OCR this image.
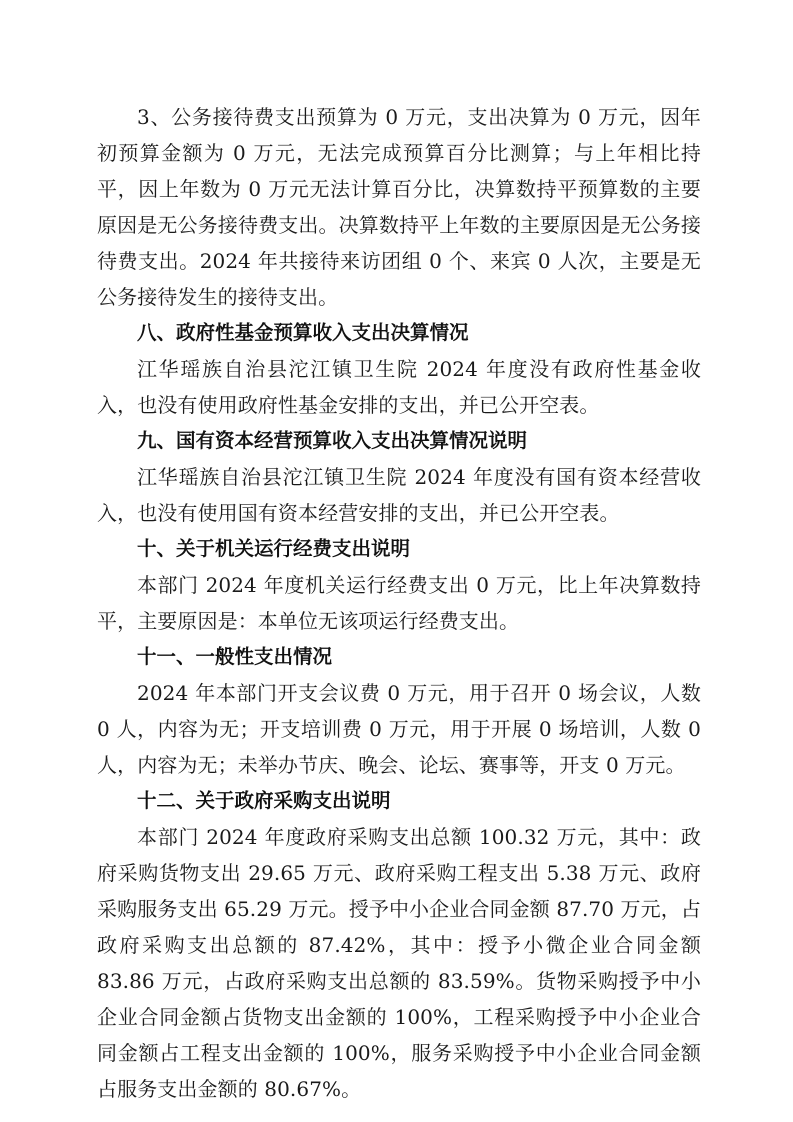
3、公务接待费支出预算为 0 万元，支出决算为 0 万元，因年初预算金额为 0 万元，无法完成预算百分比测算；与上年相比持平，因上年数为 0 万元无法计算百分比，决算数持平预算数的主要原因是无公务接待费支出。决算数持平上年数的主要原因是无公务接待费支出。2024 年共接待来访团组 0 个、来宾 0 人次，主要是无公务接待发生的接待支出。

八、政府性基金预算收入支出决算情况

江华瑶族自治县沱江镇卫生院 2024 年度没有政府性基金收入，也没有使用政府性基金安排的支出，并已公开空表。

九、国有资本经营预算收入支出决算情况说明

江华瑶族自治县沱江镇卫生院 2024 年度没有国有资本经营收入，也没有使用国有资本经营安排的支出，并已公开空表。

十、关于机关运行经费支出说明

本部门 2024 年度机关运行经费支出 0 万元，比上年决算数持平，主要原因是：本单位无该项运行经费支出。

十一、一般性支出情况

2024 年本部门开支会议费 0 万元，用于召开 0 场会议，人数 0 人，内容为无；开支培训费 0 万元，用于开展 0 场培训，人数 0 人，内容为无；未举办节庆、晚会、论坛、赛事等，开支 0 万元。

十二、关于政府采购支出说明

本部门 2024 年度政府采购支出总额 100.32 万元，其中：政府采购货物支出 29.65 万元、政府采购工程支出 5.38 万元、政府采购服务支出 65.29 万元。授予中小企业合同金额 87.70 万元，占政府采购支出总额的 87.42%，其中：授予小微企业合同金额 83.86 万元，占政府采购支出总额的 83.59%。货物采购授予中小企业合同金额占货物支出金额的 100%，工程采购授予中小企业合同金额占工程支出金额的 100%，服务采购授予中小企业合同金额占服务支出金额的 80.67%。
